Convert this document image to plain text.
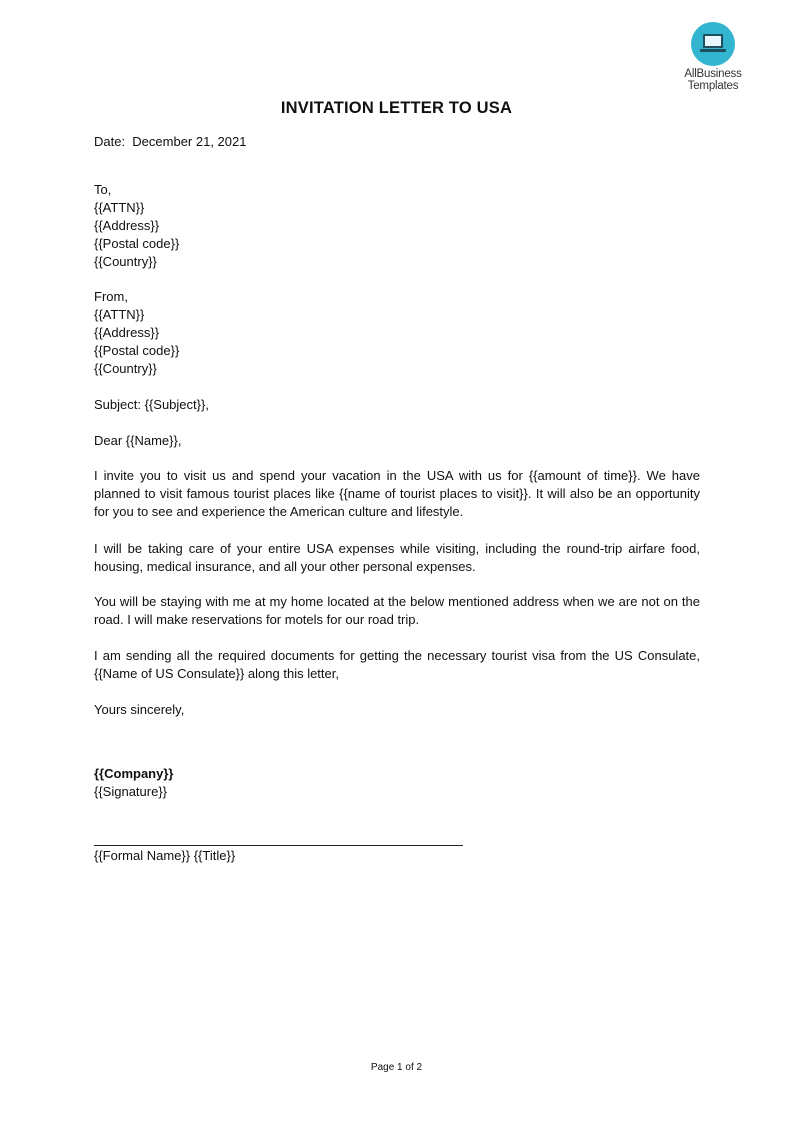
AllBusiness
Templates
INVITATION LETTER TO USA
Date:  December 21, 2021
To,
{{ATTN}}
{{Address}}
{{Postal code}}
{{Country}}
From,
{{ATTN}}
{{Address}}
{{Postal code}}
{{Country}}
Subject: {{Subject}},
Dear {{Name}},
I invite you to visit us and spend your vacation in the USA with us for {{amount of time}}. We have planned to visit famous tourist places like {{name of tourist places to visit}}. It will also be an opportunity for you to see and experience the American culture and lifestyle.
I will be taking care of your entire USA expenses while visiting, including the round-trip airfare food, housing, medical insurance, and all your other personal expenses.
You will be staying with me at my home located at the below mentioned address when we are not on the road. I will make reservations for motels for our road trip.
I am sending all the required documents for getting the necessary tourist visa from the US Consulate, {{Name of US Consulate}} along this letter,
Yours sincerely,
{{Company}}
{{Signature}}
{{Formal Name}} {{Title}}
Page 1 of 2
